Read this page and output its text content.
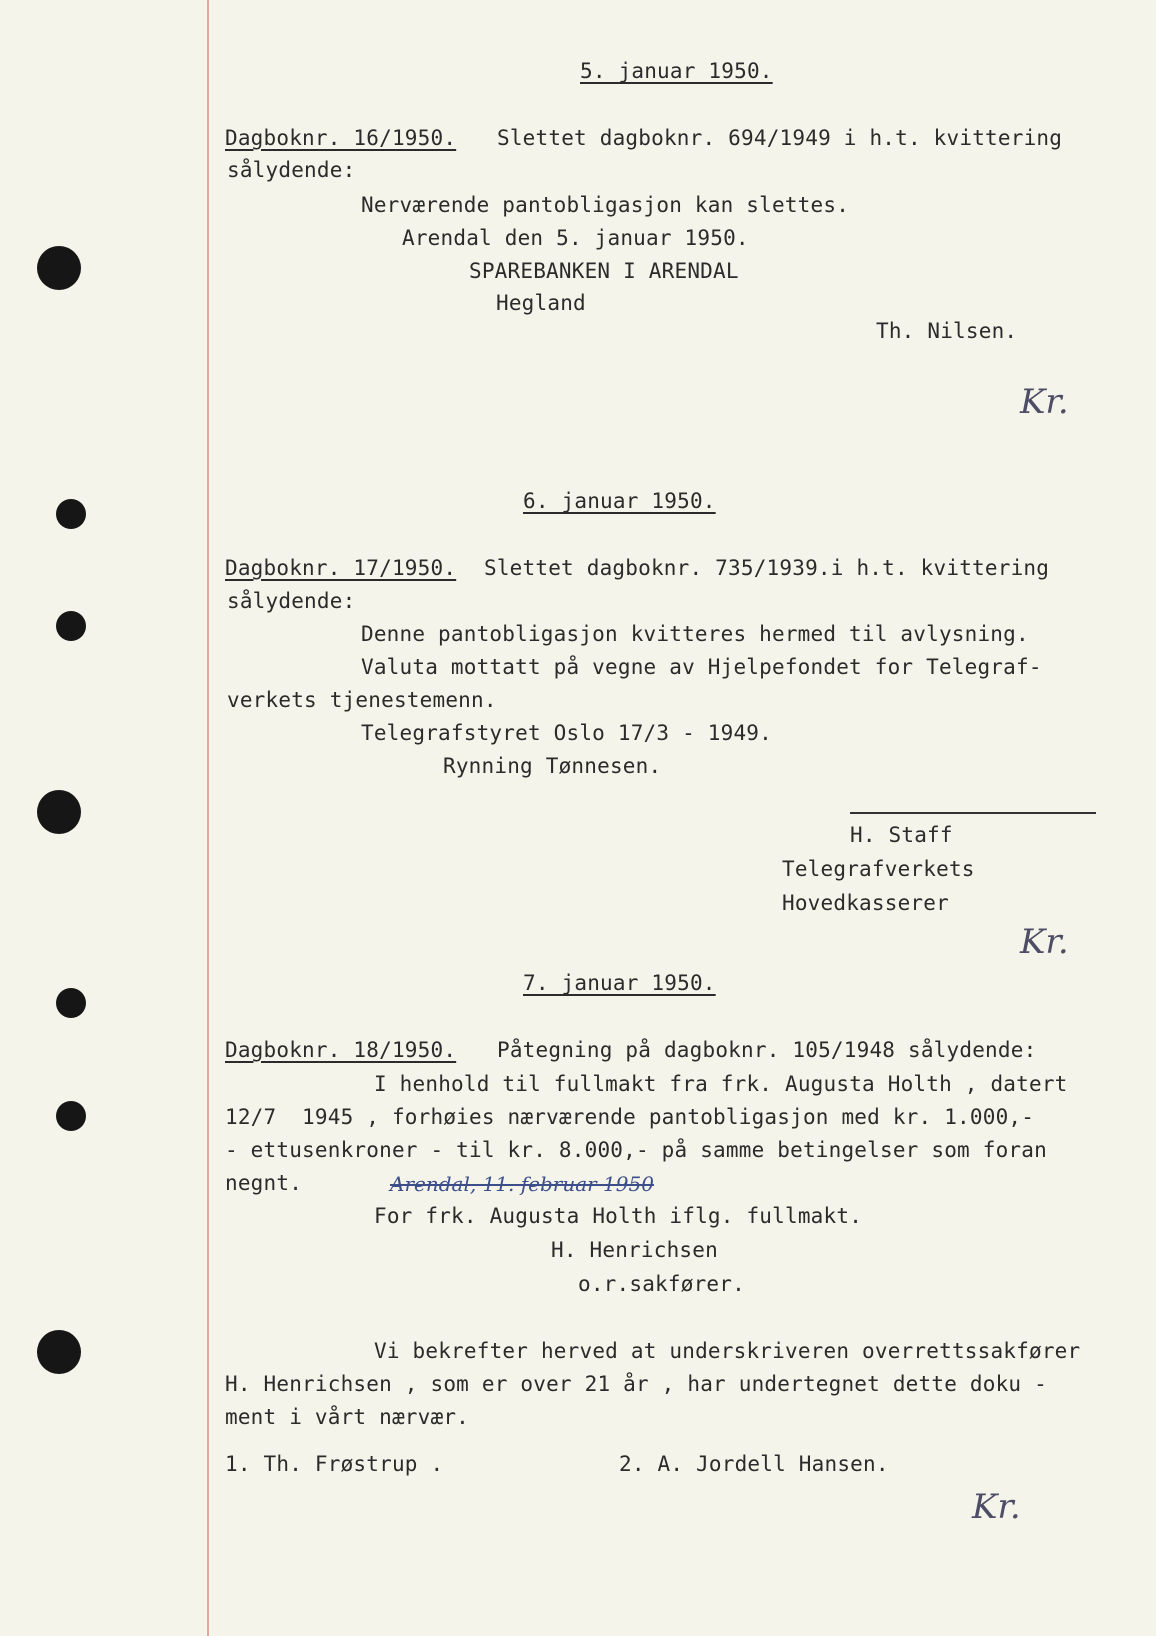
5. januar 1950.
Dagboknr. 16/1950. Slettet dagboknr. 694/1949 i h.t. kvittering
sålydende:
Nerværende pantobligasjon kan slettes.
Arendal den 5. januar 1950.
SPAREBANKEN I ARENDAL
Hegland
Th. Nilsen.
Kr.
6. januar 1950.
Dagboknr. 17/1950. Slettet dagboknr. 735/1939.i h.t. kvittering
sålydende:
Denne pantobligasjon kvitteres hermed til avlysning.
Valuta mottatt på vegne av Hjelpefondet for Telegraf-
verkets tjenestemenn.
Telegrafstyret Oslo 17/3 - 1949.
Rynning Tønnesen.
H. Staff
Telegrafverkets
Hovedkasserer
Kr.
7. januar 1950.
Dagboknr. 18/1950. Påtegning på dagboknr. 105/1948 sålydende:
I henhold til fullmakt fra frk. Augusta Holth , datert
12/7  1945 , forhøies nærværende pantobligasjon med kr. 1.000,-
- ettusenkroner - til kr. 8.000,- på samme betingelser som foran
negnt.	Arendal, 11. februar 1950
For frk. Augusta Holth iflg. fullmakt.
H. Henrichsen
o.r.sakfører.
Vi bekrefter herved at underskriveren overrettssakfører
H. Henrichsen , som er over 21 år , har undertegnet dette doku -
ment i vårt nærvær.
1. Th. Frøstrup .	2. A. Jordell Hansen.
Kr.
